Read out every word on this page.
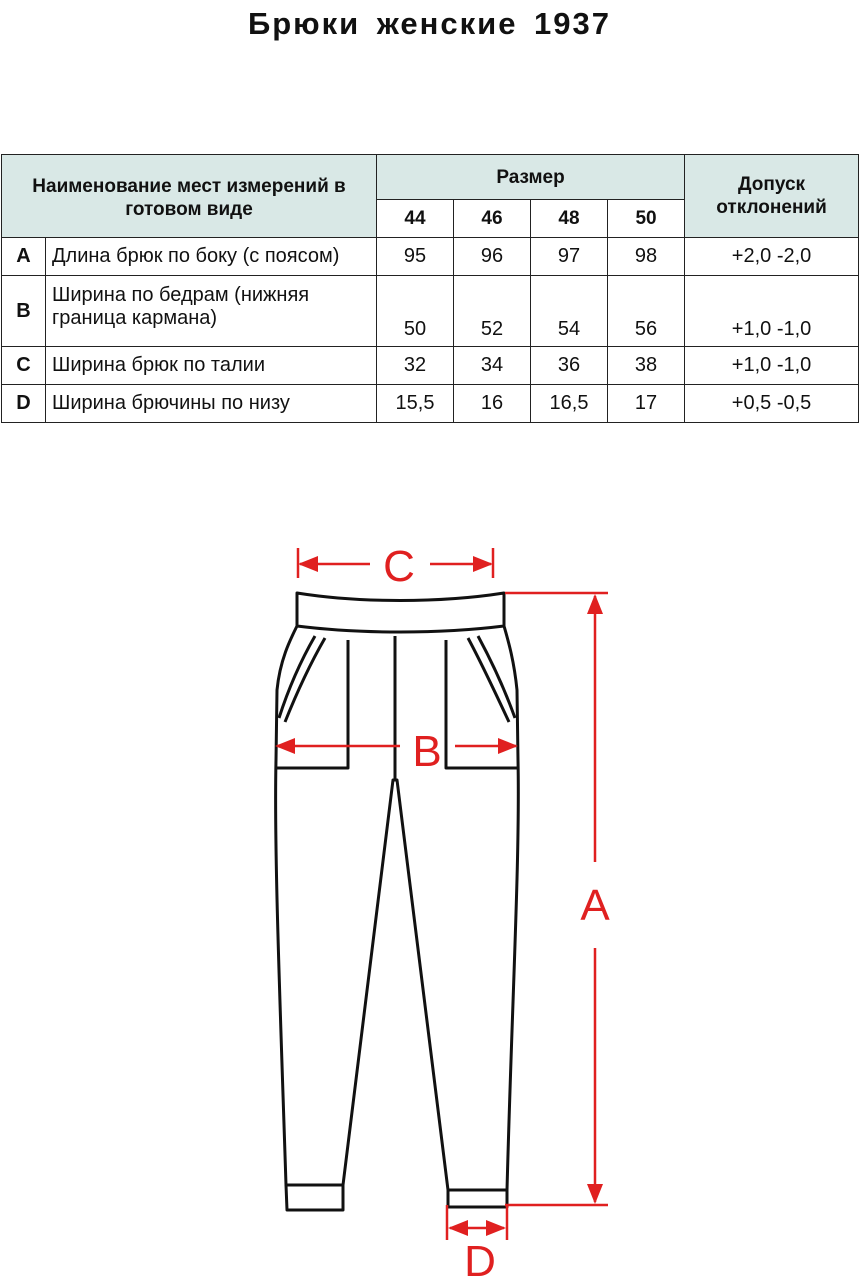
Брюки женские 1937
Наименование мест измерений в готовом виде		Размер				Допуск отклонений
		44	46	48	50	
A	Длина брюк по боку (с поясом)	95	96	97	98	+2,0 -2,0
B	Ширина по бедрам (нижняя граница кармана)	50	52	54	56	+1,0 -1,0
C	Ширина брюк по талии	32	34	36	38	+1,0 -1,0
D	Ширина брючины по низу	15,5	16	16,5	17	+0,5 -0,5
C
B
A
D
